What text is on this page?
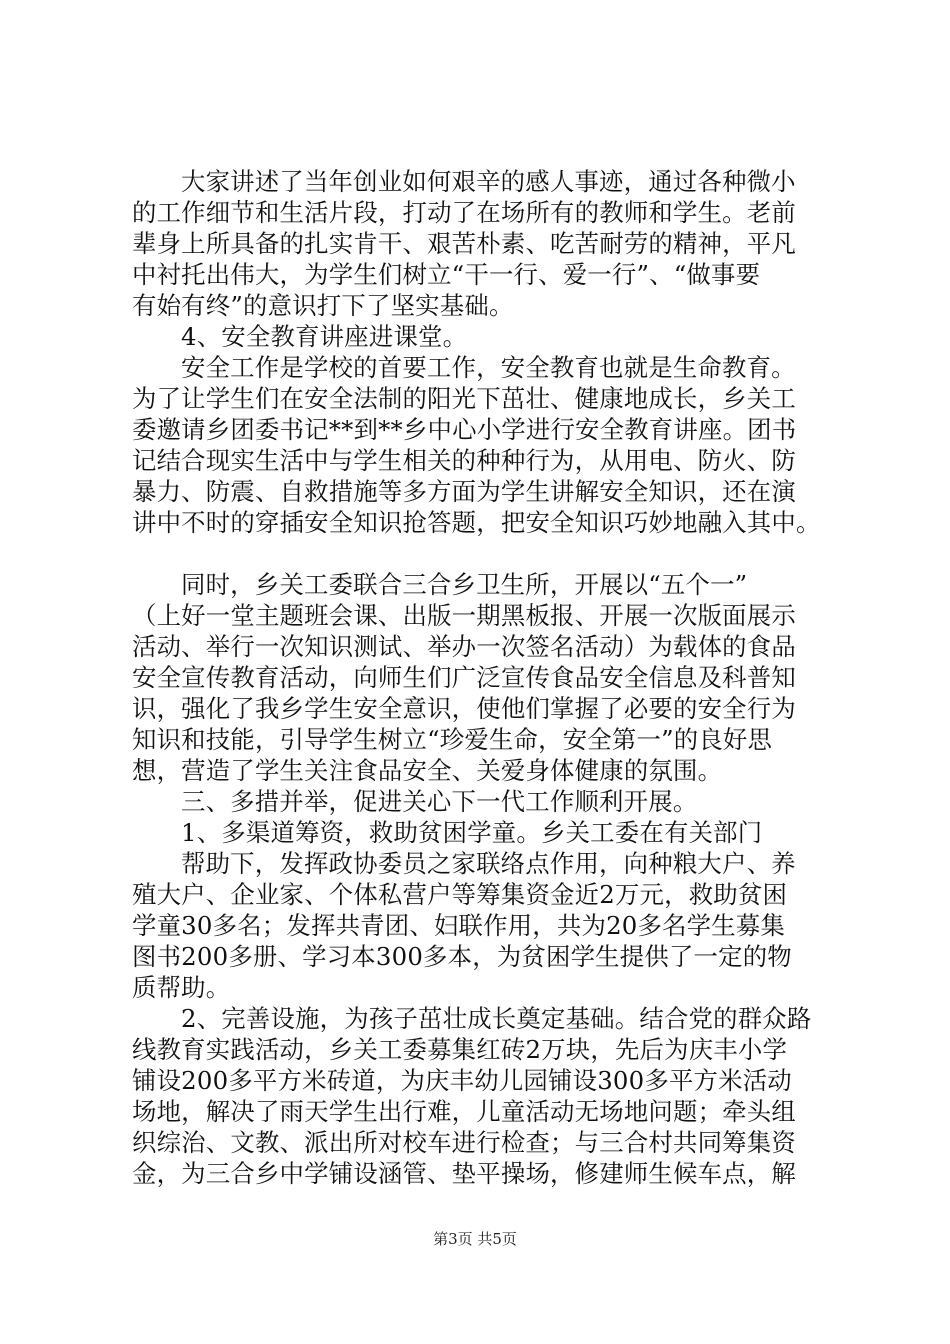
大家讲述了当年创业如何艰辛的感人事迹，通过各种微小
的工作细节和生活片段，打动了在场所有的教师和学生。老前
辈身上所具备的扎实肯干、艰苦朴素、吃苦耐劳的精神，平凡
中衬托出伟大，为学生们树立“干一行、爱一行”、“做事要
有始有终”的意识打下了坚实基础。
4、安全教育讲座进课堂。
安全工作是学校的首要工作，安全教育也就是生命教育。
为了让学生们在安全法制的阳光下茁壮、健康地成长，乡关工
委邀请乡团委书记**到**乡中心小学进行安全教育讲座。团书
记结合现实生活中与学生相关的种种行为，从用电、防火、防
暴力、防震、自救措施等多方面为学生讲解安全知识，还在演
讲中不时的穿插安全知识抢答题，把安全知识巧妙地融入其中。
同时，乡关工委联合三合乡卫生所，开展以“五个一”
（上好一堂主题班会课、出版一期黑板报、开展一次版面展示
活动、举行一次知识测试、举办一次签名活动）为载体的食品
安全宣传教育活动，向师生们广泛宣传食品安全信息及科普知
识，强化了我乡学生安全意识，使他们掌握了必要的安全行为
知识和技能，引导学生树立“珍爱生命，安全第一”的良好思
想，营造了学生关注食品安全、关爱身体健康的氛围。
三、多措并举，促进关心下一代工作顺利开展。
1、多渠道筹资，救助贫困学童。乡关工委在有关部门
帮助下，发挥政协委员之家联络点作用，向种粮大户、养
殖大户、企业家、个体私营户等筹集资金近2万元，救助贫困
学童30多名；发挥共青团、妇联作用，共为20多名学生募集
图书200多册、学习本300多本，为贫困学生提供了一定的物
质帮助。
2、完善设施，为孩子茁壮成长奠定基础。结合党的群众路
线教育实践活动，乡关工委募集红砖2万块，先后为庆丰小学
铺设200多平方米砖道，为庆丰幼儿园铺设300多平方米活动
场地，解决了雨天学生出行难，儿童活动无场地问题；牵头组
织综治、文教、派出所对校车进行检查；与三合村共同筹集资
金，为三合乡中学铺设涵管、垫平操场，修建师生候车点，解
第3页 共5页
